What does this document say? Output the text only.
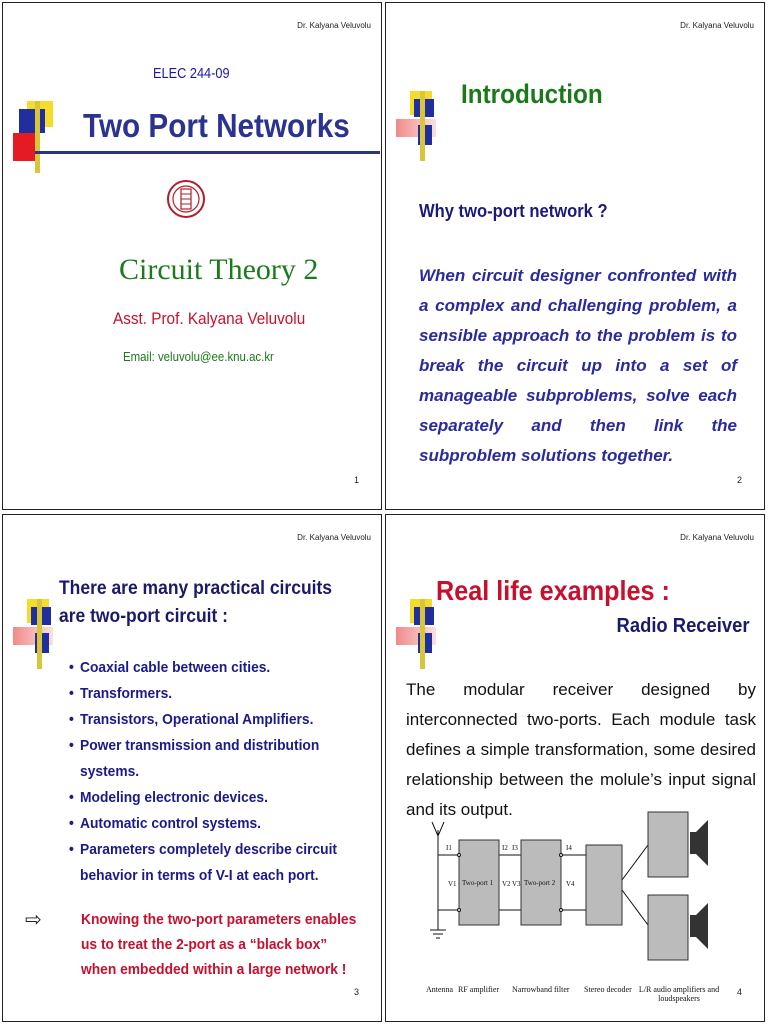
Dr. Kalyana Veluvolu
ELEC 244-09
Two Port Networks
Circuit Theory 2
Asst. Prof. Kalyana Veluvolu
Email: veluvolu@ee.knu.ac.kr
1
Dr. Kalyana Veluvolu
Introduction
Why two-port network ?
When circuit designer confronted with a complex and challenging problem, a sensible approach to the problem is to break the circuit up into a set of manageable subproblems, solve each separately and then link the subproblem solutions together.
2
Dr. Kalyana Veluvolu
There are many practical circuits are two-port circuit :
• Coaxial cable between cities.
• Transformers.
• Transistors, Operational Amplifiers.
• Power transmission and distribution systems.
• Modeling electronic devices.
• Automatic control systems.
• Parameters completely describe circuit behavior in terms of V-I at each port.
⇨	Knowing the two-port parameters enables us to treat the 2-port as a “black box” when embedded within a large network !
3
Dr. Kalyana Veluvolu
Real life examples :
Radio Receiver
The modular receiver designed by interconnected two-ports. Each module task defines a simple transformation, some desired relationship between the molule’s input signal and its output.
Two-port 1	Two-port 2
I1	I2 I3	I4
V1	V2 V3	V4
Antenna RF amplifier Narrowband filter Stereo decoder L/R audio amplifiers and loudspeakers
4
